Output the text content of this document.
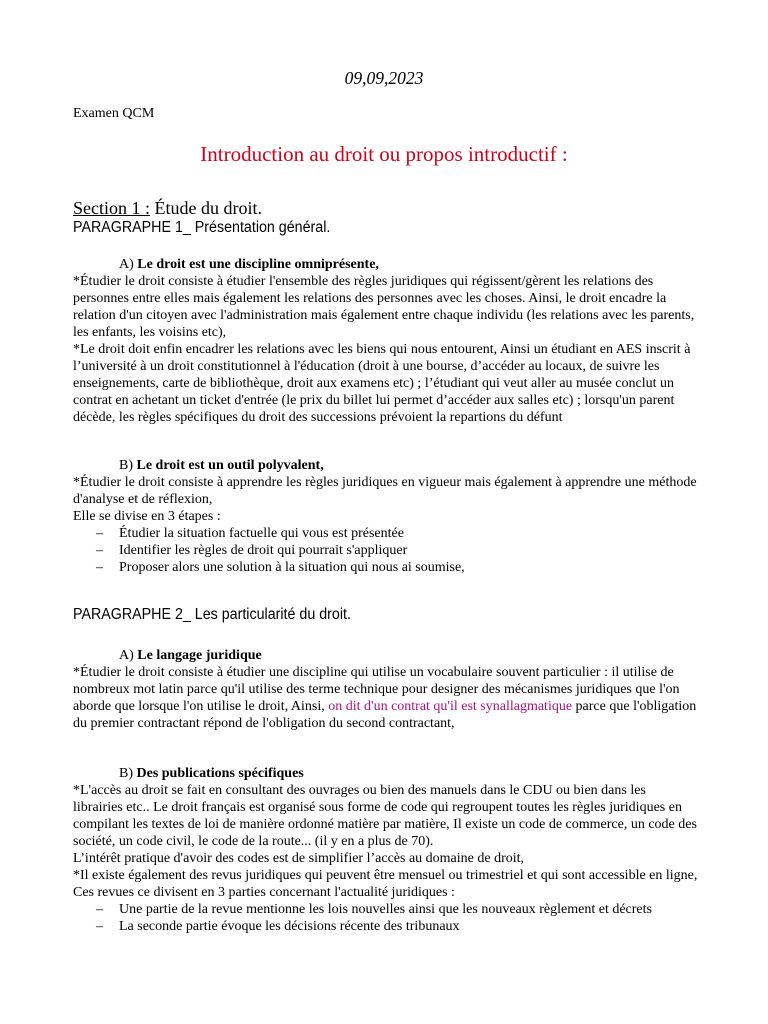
09,09,2023
Examen QCM
Introduction au droit ou propos introductif :
Section 1 : Étude du droit.
PARAGRAPHE 1_ Présentation général.
A) Le droit est une discipline omniprésente,
*Étudier le droit consiste à étudier l'ensemble des règles juridiques qui régissent/gèrent les relations des personnes entre elles mais également les relations des personnes avec les choses. Ainsi, le droit encadre la relation d'un citoyen avec l'administration mais également entre chaque individu (les relations avec les parents, les enfants, les voisins etc),
*Le droit doit enfin encadrer les relations avec les biens qui nous entourent, Ainsi un étudiant en AES inscrit à l’université à un droit constitutionnel à l'éducation (droit à une bourse, d’accéder au locaux, de suivre les enseignements, carte de bibliothèque, droit aux examens etc) ; l’étudiant qui veut aller au musée conclut un contrat en achetant un ticket d'entrée (le prix du billet lui permet d’accéder aux salles etc) ; lorsqu'un parent décède, les règles spécifiques du droit des successions prévoient la repartions du défunt
B) Le droit est un outil polyvalent,
*Étudier le droit consiste à apprendre les règles juridiques en vigueur mais également à apprendre une méthode d'analyse et de réflexion,
Elle se divise en 3 étapes :
– Étudier la situation factuelle qui vous est présentée
– Identifier les règles de droit qui pourrait s'appliquer
– Proposer alors une solution à la situation qui nous ai soumise,
PARAGRAPHE 2_ Les particularité du droit.
A) Le langage juridique
*Étudier le droit consiste à étudier une discipline qui utilise un vocabulaire souvent particulier : il utilise de nombreux mot latin parce qu'il utilise des terme technique pour designer des mécanismes juridiques que l'on aborde que lorsque l'on utilise le droit, Ainsi, on dit d'un contrat qu'il est synallagmatique parce que l'obligation du premier contractant répond de l'obligation du second contractant,
B) Des publications spécifiques
*L'accès au droit se fait en consultant des ouvrages ou bien des manuels dans le CDU ou bien dans les librairies etc.. Le droit français est organisé sous forme de code qui regroupent toutes les règles juridiques en compilant les textes de loi de manière ordonné matière par matière, Il existe un code de commerce, un code des société, un code civil, le code de la route... (il y en a plus de 70).
L’intérêt pratique d'avoir des codes est de simplifier l’accès au domaine de droit,
*Il existe également des revus juridiques qui peuvent être mensuel ou trimestriel et qui sont accessible en ligne, Ces revues ce divisent en 3 parties concernant l'actualité juridiques :
– Une partie de la revue mentionne les lois nouvelles ainsi que les nouveaux règlement et décrets
– La seconde partie évoque les décisions récente des tribunaux
